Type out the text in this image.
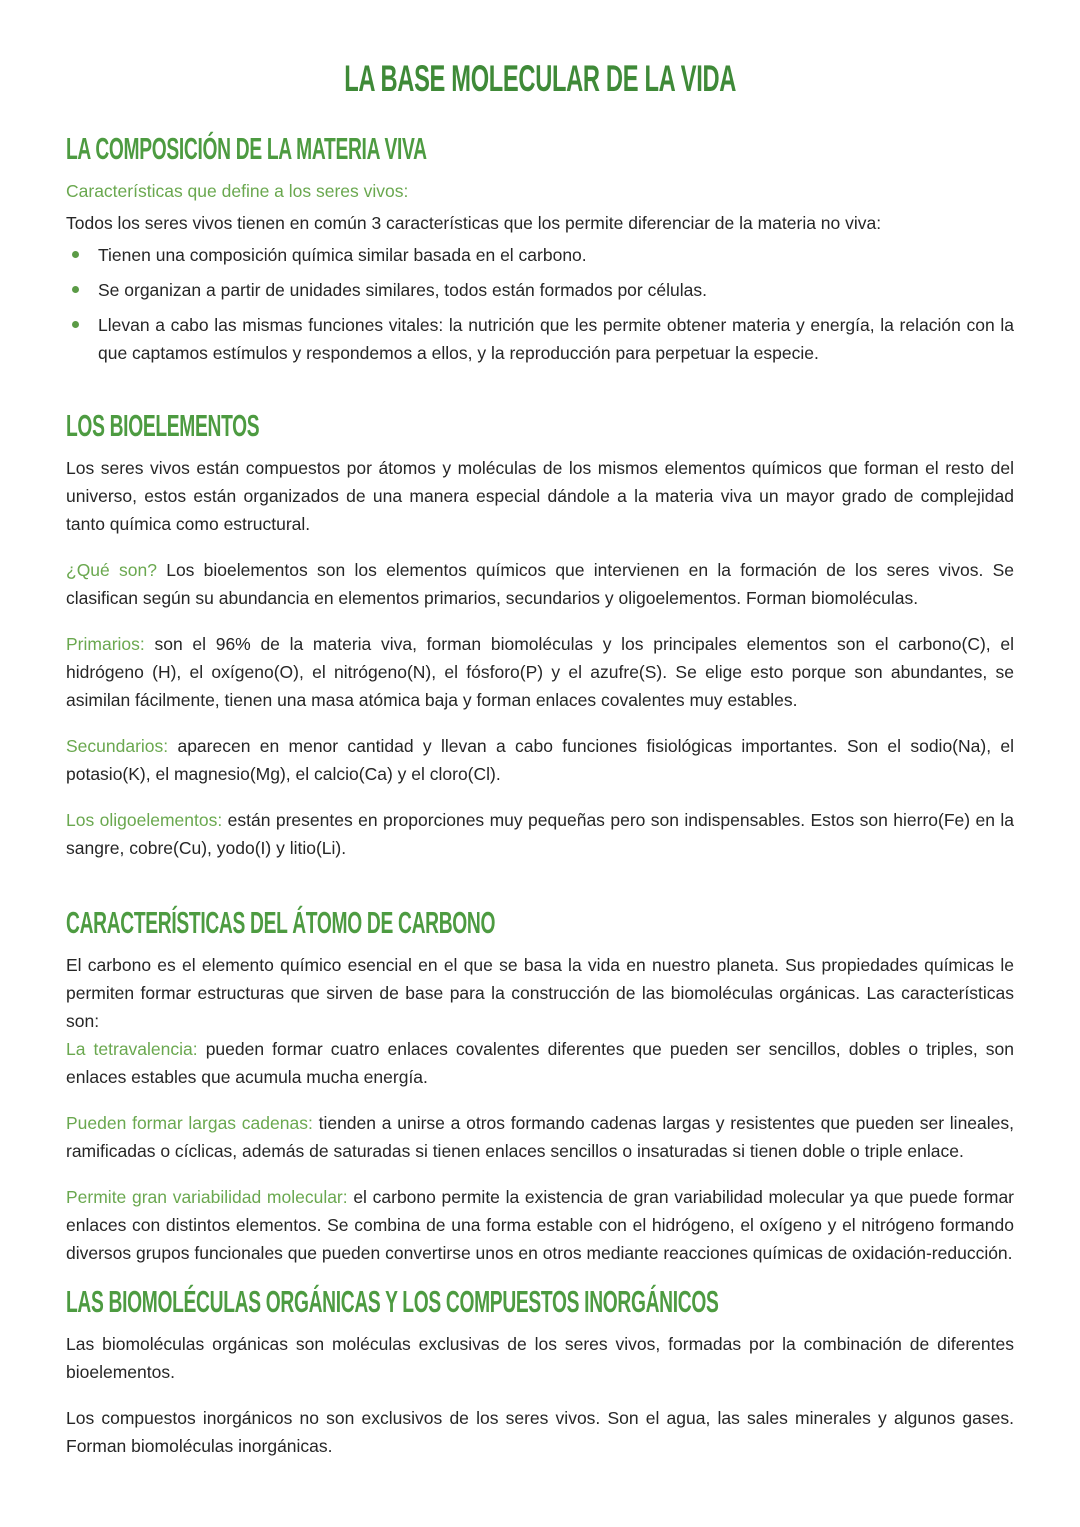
LA BASE MOLECULAR DE LA VIDA
LA COMPOSICIÓN DE LA MATERIA VIVA

Características que define a los seres vivos:

Todos los seres vivos tienen en común 3 características que los permite diferenciar de la materia no viva:

Tienen una composición química similar basada en el carbono.
Se organizan a partir de unidades similares, todos están formados por células.
Llevan a cabo las mismas funciones vitales: la nutrición que les permite obtener materia y energía, la relación con la que captamos estímulos y respondemos a ellos, y la reproducción para perpetuar la especie.
LOS BIOELEMENTOS

Los seres vivos están compuestos por átomos y moléculas de los mismos elementos químicos que forman el resto del universo, estos están organizados de una manera especial dándole a la materia viva un mayor grado de complejidad tanto química como estructural.

¿Qué son? Los bioelementos son los elementos químicos que intervienen en la formación de los seres vivos. Se clasifican según su abundancia en elementos primarios, secundarios y oligoelementos. Forman biomoléculas.

Primarios: son el 96% de la materia viva, forman biomoléculas y los principales elementos son el carbono(C), el hidrógeno (H), el oxígeno(O), el nitrógeno(N), el fósforo(P) y el azufre(S). Se elige esto porque son abundantes, se asimilan fácilmente, tienen una masa atómica baja y forman enlaces covalentes muy estables.

Secundarios: aparecen en menor cantidad y llevan a cabo funciones fisiológicas importantes. Son el sodio(Na), el potasio(K), el magnesio(Mg), el calcio(Ca) y el cloro(Cl).

Los oligoelementos: están presentes en proporciones muy pequeñas pero son indispensables. Estos son hierro(Fe) en la sangre, cobre(Cu), yodo(I) y litio(Li).

CARACTERÍSTICAS DEL ÁTOMO DE CARBONO

El carbono es el elemento químico esencial en el que se basa la vida en nuestro planeta. Sus propiedades químicas le permiten formar estructuras que sirven de base para la construcción de las biomoléculas orgánicas. Las características son:

La tetravalencia: pueden formar cuatro enlaces covalentes diferentes que pueden ser sencillos, dobles o triples, son enlaces estables que acumula mucha energía.

Pueden formar largas cadenas: tienden a unirse a otros formando cadenas largas y resistentes que pueden ser lineales, ramificadas o cíclicas, además de saturadas si tienen enlaces sencillos o insaturadas si tienen doble o triple enlace.

Permite gran variabilidad molecular: el carbono permite la existencia de gran variabilidad molecular ya que puede formar enlaces con distintos elementos. Se combina de una forma estable con el hidrógeno, el oxígeno y el nitrógeno formando diversos grupos funcionales que pueden convertirse unos en otros mediante reacciones químicas de oxidación-reducción.

LAS BIOMOLÉCULAS ORGÁNICAS Y LOS COMPUESTOS INORGÁNICOS

Las biomoléculas orgánicas son moléculas exclusivas de los seres vivos, formadas por la combinación de diferentes bioelementos.

Los compuestos inorgánicos no son exclusivos de los seres vivos. Son el agua, las sales minerales y algunos gases. Forman biomoléculas inorgánicas.
